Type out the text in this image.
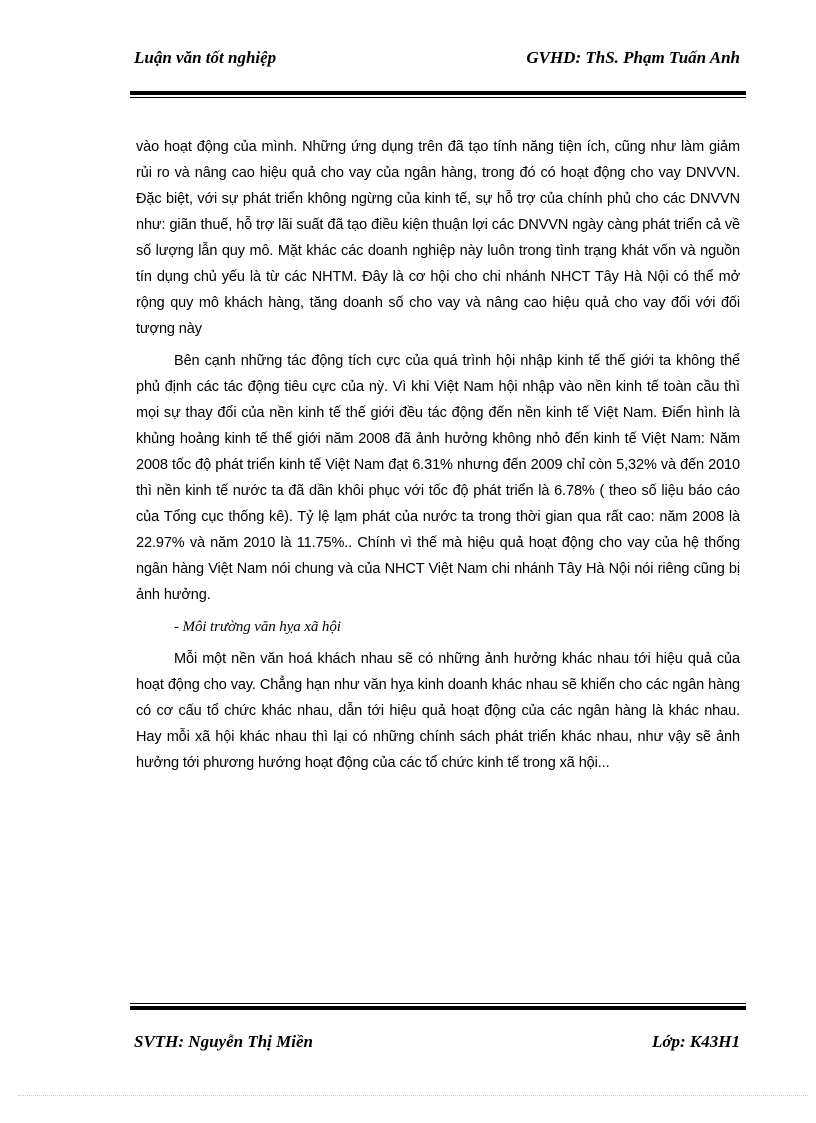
Luận văn tốt nghiệp	GVHD: ThS. Phạm Tuấn Anh

vào hoạt động của mình. Những ứng dụng trên đã tạo tính năng tiện ích, cũng như làm giảm rủi ro và nâng cao hiệu quả cho vay của ngân hàng, trong đó có hoạt động cho vay DNVVN. Đặc biệt, với sự phát triển không ngừng của kinh tế, sự hỗ trợ của chính phủ cho các DNVVN như: giãn thuế, hỗ trợ lãi suất đã tạo điều kiện thuận lợi các DNVVN ngày càng phát triển cả về số lượng lẫn quy mô. Mặt khác các doanh nghiệp này luôn trong tình trạng khát vốn và nguồn tín dụng chủ yếu là từ các NHTM. Đây là cơ hội cho chi nhánh NHCT Tây Hà Nội có thể mở rộng quy mô khách hàng, tăng doanh số cho vay và nâng cao hiệu quả cho vay đối với đối tượng này

Bên cạnh những tác động tích cực của quá trình hội nhập kinh tế thế giới ta không thể phủ định các tác động tiêu cực của nỳ. Vì khi Việt Nam hội nhập vào nền kinh tế toàn cầu thì mọi sự thay đổi của nền kinh tế thế giới đều tác động đến nền kinh tế Việt Nam. Điển hình là khủng hoảng kinh tế thế giới năm 2008 đã ảnh hưởng không nhỏ đến kinh tế Việt Nam: Năm 2008 tốc độ phát triển kinh tế Việt Nam đạt 6.31% nhưng đến 2009 chỉ còn 5,32% và đến 2010 thì nền kinh tế nước ta đã dần khôi phục với tốc độ phát triển là 6.78% ( theo số liệu báo cáo của Tổng cục thống kê). Tỷ lệ lạm phát của nước ta trong thời gian qua rất cao: năm 2008 là 22.97% và năm 2010 là 11.75%.. Chính vì thế mà hiệu quả hoạt động cho vay của hệ thống ngân hàng Việt Nam nói chung và của NHCT Việt Nam chi nhánh Tây Hà Nội nói riêng cũng bị ảnh hưởng.

- Môi trường văn hỵa xã hội

Mỗi một nền văn hoá khách nhau sẽ có những ảnh hưởng khác nhau tới hiệu quả của hoạt động cho vay. Chẳng hạn như văn hỵa kinh doanh khác nhau sẽ khiến cho các ngân hàng có cơ cấu tổ chức khác nhau, dẫn tới hiệu quả hoạt động của các ngân hàng là khác nhau. Hay mỗi xã hội khác nhau thì lại có những chính sách phát triển khác nhau, như vậy sẽ ảnh hưởng tới phương hướng hoạt động của các tổ chức kinh tế trong xã hội...

SVTH: Nguyễn Thị Miền	Lớp: K43H1
